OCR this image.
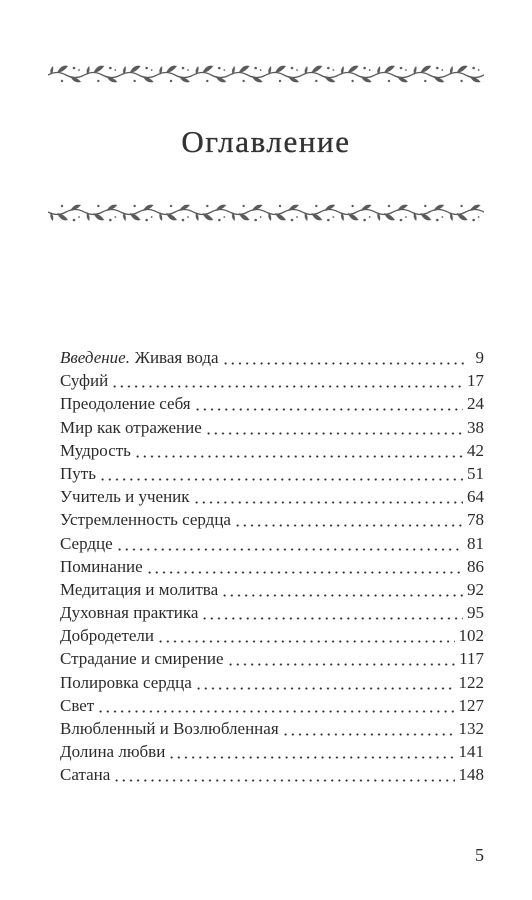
Оглавление
Введение. Живая вода	9
Суфий	17
Преодоление себя	24
Мир как отражение	38
Мудрость	42
Путь	51
Учитель и ученик	64
Устремленность сердца	78
Сердце	81
Поминание	86
Медитация и молитва	92
Духовная практика	95
Добродетели	102
Страдание и смирение	117
Полировка сердца	122
Свет	127
Влюбленный и Возлюбленная	132
Долина любви	141
Сатана	148
5
